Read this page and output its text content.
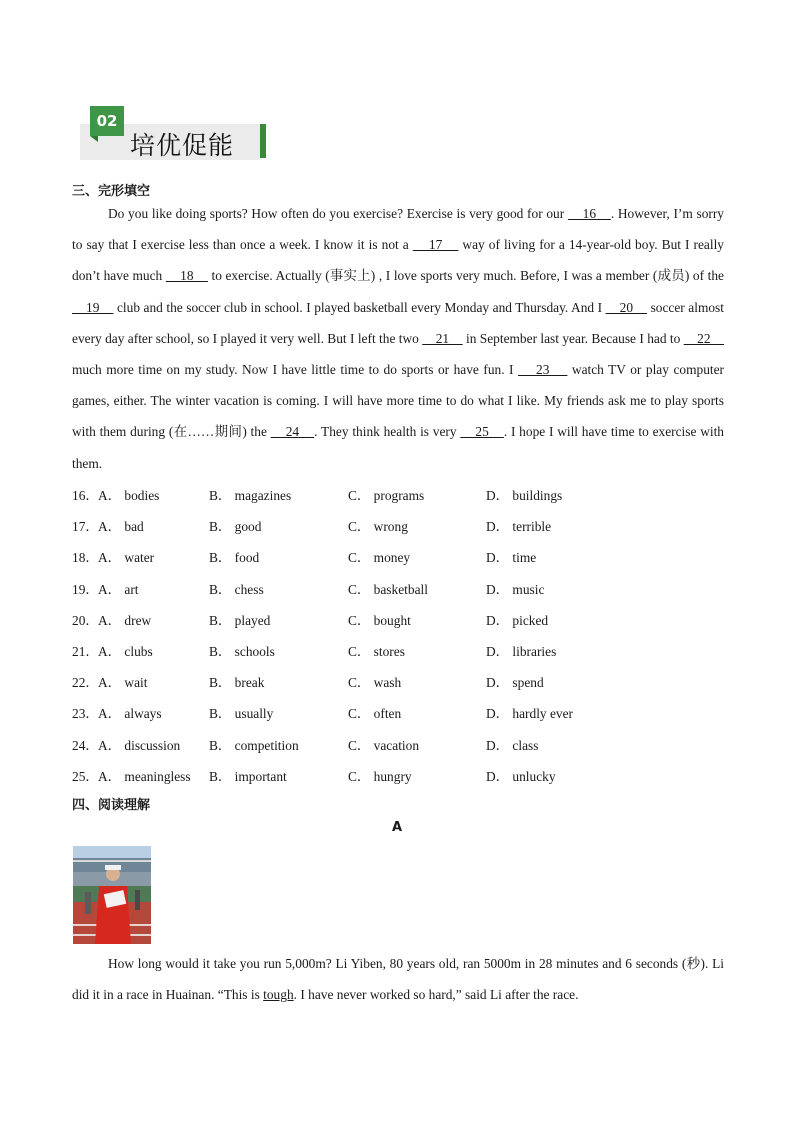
02
培优促能
三、完形填空

Do you like doing sports? How often do you exercise? Exercise is very good for our     16    . However, I’m sorry to say that I exercise less than once a week. I know it is not a     17     way of living for a 14-year-old boy. But I really don’t have much     18     to exercise. Actually (事实上) , I love sports very much. Before, I was a member (成员) of the     19     club and the soccer club in school. I played basketball every Monday and Thursday. And I     20     soccer almost every day after school, so I played it very well. But I left the two     21     in September last year. Because I had to     22     much more time on my study. Now I have little time to do sports or have fun. I     23     watch TV or play computer games, either. The winter vacation is coming. I will have more time to do what I like. My friends ask me to play sports with them during (在……期间) the     24    . They think health is very     25    . I hope I will have time to exercise with them.

16． A． bodies	B． magazines	C． programs	D． buildings
17． A． bad	B． good	C． wrong	D． terrible
18． A． water	B． food	C． money	D． time
19． A． art	B． chess	C． basketball	D． music
20． A． drew	B． played	C． bought	D． picked
21． A． clubs	B． schools	C． stores	D． libraries
22． A． wait	B． break	C． wash	D． spend
23． A． always	B． usually	C． often	D． hardly ever
24． A． discussion B． competition	C． vacation	D． class
25． A． meaningless B． important	C． hungry	D． unlucky
四、阅读理解
A

How long would it take you run 5,000m? Li Yiben, 80 years old, ran 5000m in 28 minutes and 6 seconds (秒). Li did it in a race in Huainan. “This is tough. I have never worked so hard,” said Li after the race.
